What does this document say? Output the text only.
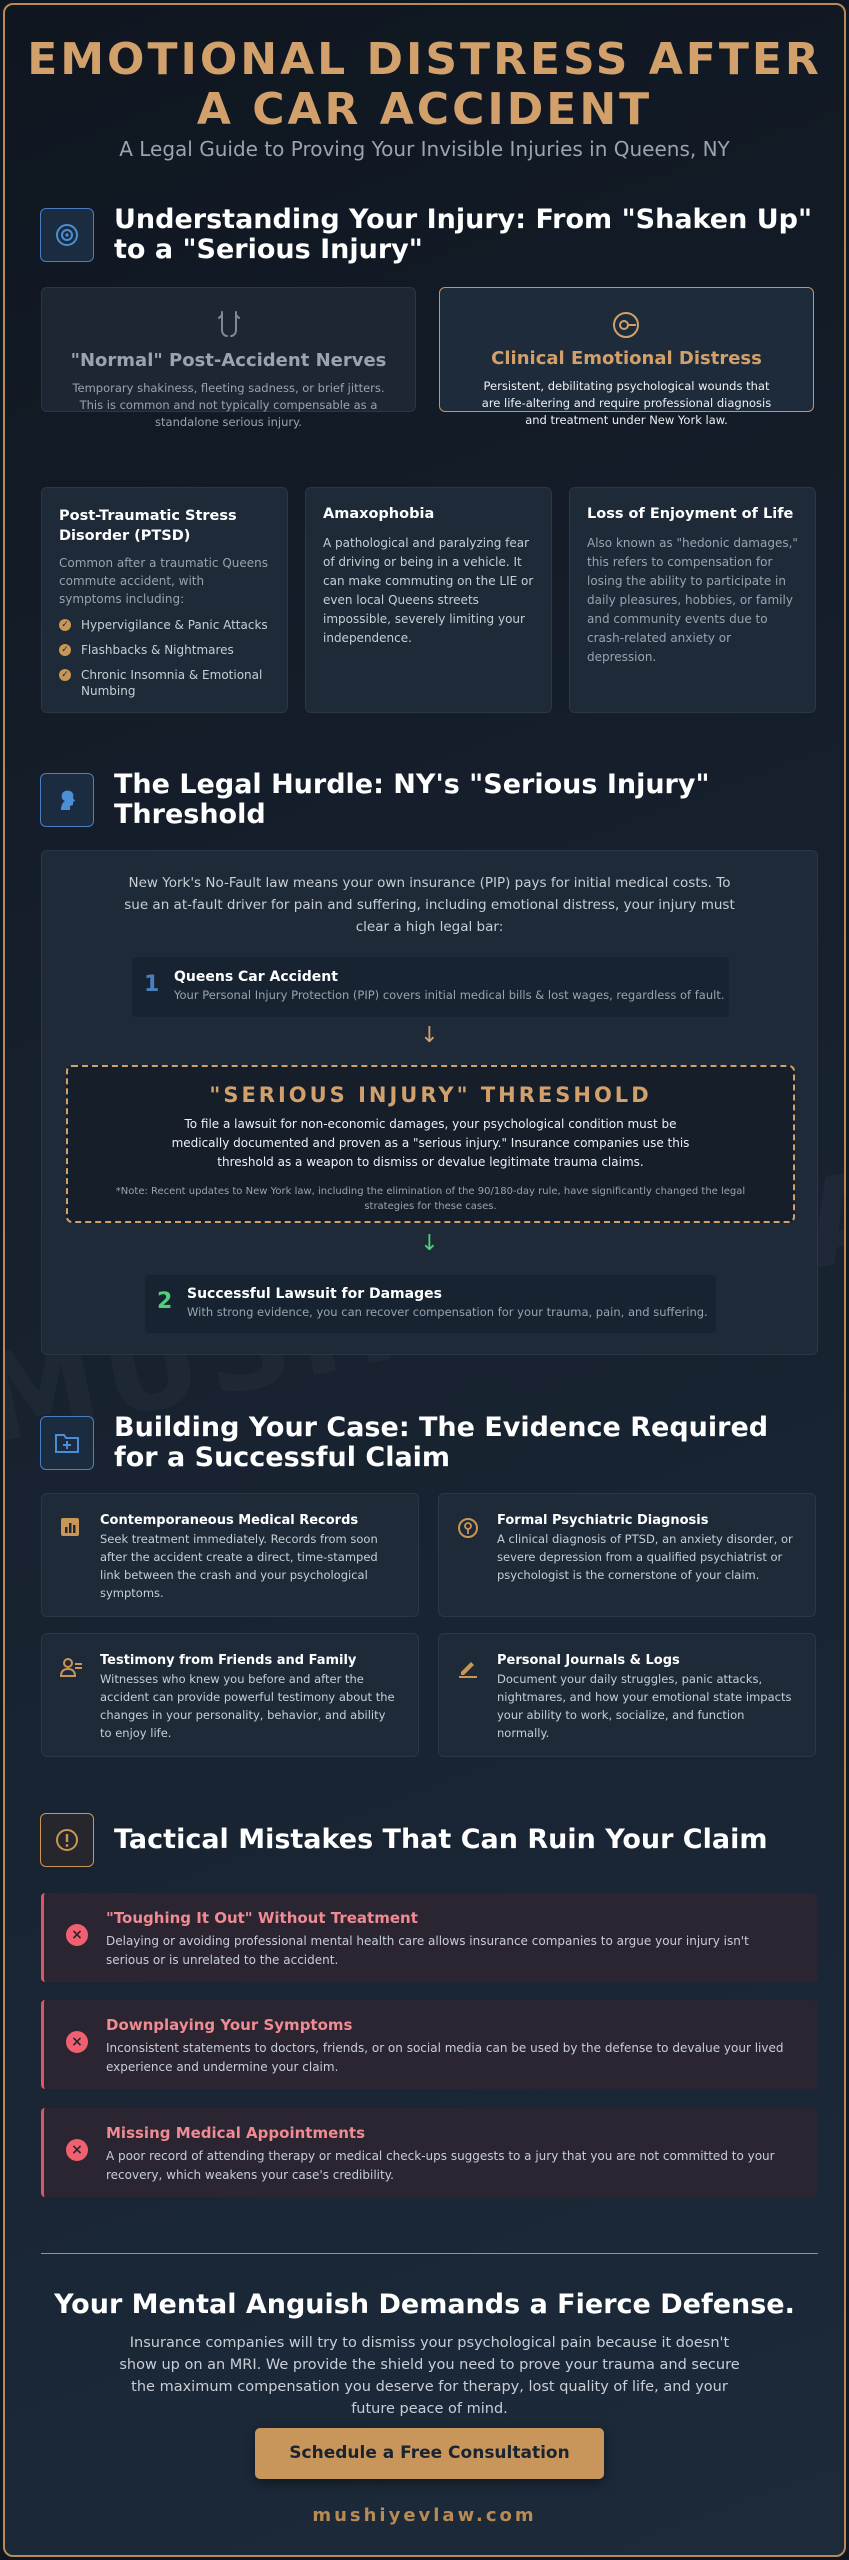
EMOTIONAL DISTRESS AFTER
A CAR ACCIDENT
A Legal Guide to Proving Your Invisible Injuries in Queens, NY
Understanding Your Injury: From "Shaken Up" to a "Serious Injury"
"Normal" Post-Accident Nerves
Temporary shakiness, fleeting sadness, or brief jitters. This is common and not typically compensable as a standalone serious injury.
Clinical Emotional Distress
Persistent, debilitating psychological wounds that are life-altering and require professional diagnosis and treatment under New York law.
Post-Traumatic Stress Disorder (PTSD)
Common after a traumatic Queens commute accident, with symptoms including:
✓ Hypervigilance & Panic Attacks
✓ Flashbacks & Nightmares
✓ Chronic Insomnia & Emotional Numbing
Amaxophobia
A pathological and paralyzing fear of driving or being in a vehicle. It can make commuting on the LIE or even local Queens streets impossible, severely limiting your independence.
Loss of Enjoyment of Life
Also known as "hedonic damages," this refers to compensation for losing the ability to participate in daily pleasures, hobbies, or family and community events due to crash-related anxiety or depression.
The Legal Hurdle: NY's "Serious Injury" Threshold
New York's No-Fault law means your own insurance (PIP) pays for initial medical costs. To sue an at-fault driver for pain and suffering, including emotional distress, your injury must clear a high legal bar:
1	Queens Car Accident
Your Personal Injury Protection (PIP) covers initial medical bills & lost wages, regardless of fault.
↓
"SERIOUS INJURY" THRESHOLD
To file a lawsuit for non-economic damages, your psychological condition must be medically documented and proven as a "serious injury." Insurance companies use this threshold as a weapon to dismiss or devalue legitimate trauma claims.
*Note: Recent updates to New York law, including the elimination of the 90/180-day rule, have significantly changed the legal strategies for these cases.
↓
2	Successful Lawsuit for Damages
With strong evidence, you can recover compensation for your trauma, pain, and suffering.
Building Your Case: The Evidence Required for a Successful Claim
Contemporaneous Medical Records
Seek treatment immediately. Records from soon after the accident create a direct, time-stamped link between the crash and your psychological symptoms.
Formal Psychiatric Diagnosis
A clinical diagnosis of PTSD, an anxiety disorder, or severe depression from a qualified psychiatrist or psychologist is the cornerstone of your claim.
Testimony from Friends and Family
Witnesses who knew you before and after the accident can provide powerful testimony about the changes in your personality, behavior, and ability to enjoy life.
Personal Journals & Logs
Document your daily struggles, panic attacks, nightmares, and how your emotional state impacts your ability to work, socialize, and function normally.
Tactical Mistakes That Can Ruin Your Claim
×
"Toughing It Out" Without Treatment
Delaying or avoiding professional mental health care allows insurance companies to argue your injury isn't serious or is unrelated to the accident.
×
Downplaying Your Symptoms
Inconsistent statements to doctors, friends, or on social media can be used by the defense to devalue your lived experience and undermine your claim.
×
Missing Medical Appointments
A poor record of attending therapy or medical check-ups suggests to a jury that you are not committed to your recovery, which weakens your case's credibility.
Your Mental Anguish Demands a Fierce Defense.
Insurance companies will try to dismiss your psychological pain because it doesn't show up on an MRI. We provide the shield you need to prove your trauma and secure the maximum compensation you deserve for therapy, lost quality of life, and your future peace of mind.
Schedule a Free Consultation
mushiyevlaw.com
